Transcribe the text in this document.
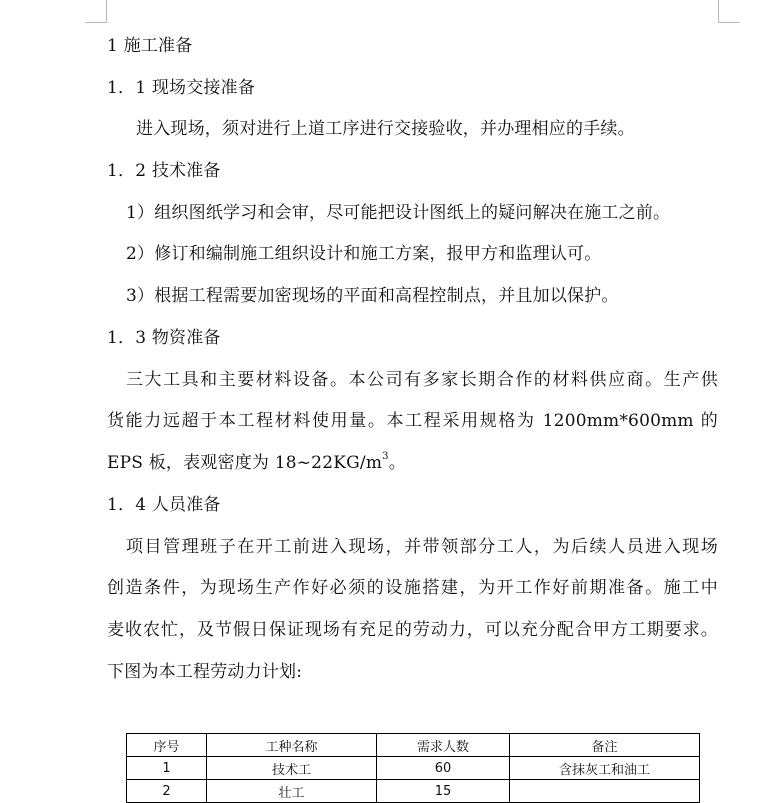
1 施工准备
1．1 现场交接准备
进入现场，须对进行上道工序进行交接验收，并办理相应的手续。
1．2 技术准备
1）组织图纸学习和会审，尽可能把设计图纸上的疑问解决在施工之前。
2）修订和编制施工组织设计和施工方案，报甲方和监理认可。
3）根据工程需要加密现场的平面和高程控制点，并且加以保护。
1．3 物资准备
三大工具和主要材料设备。本公司有多家长期合作的材料供应商。生产供
货能力远超于本工程材料使用量。本工程采用规格为 1200mm*600mm 的
EPS 板，表观密度为 $18\sim 22KG/m^3$。
1．4 人员准备
项目管理班子在开工前进入现场，并带领部分工人，为后续人员进入现场
创造条件，为现场生产作好必须的设施搭建，为开工作好前期准备。施工中
麦收农忙，及节假日保证现场有充足的劳动力，可以充分配合甲方工期要求。
下图为本工程劳动力计划:
序号	工种名称	需求人数	备注
1	技术工	60	含抹灰工和油工
2	壮工	15	
